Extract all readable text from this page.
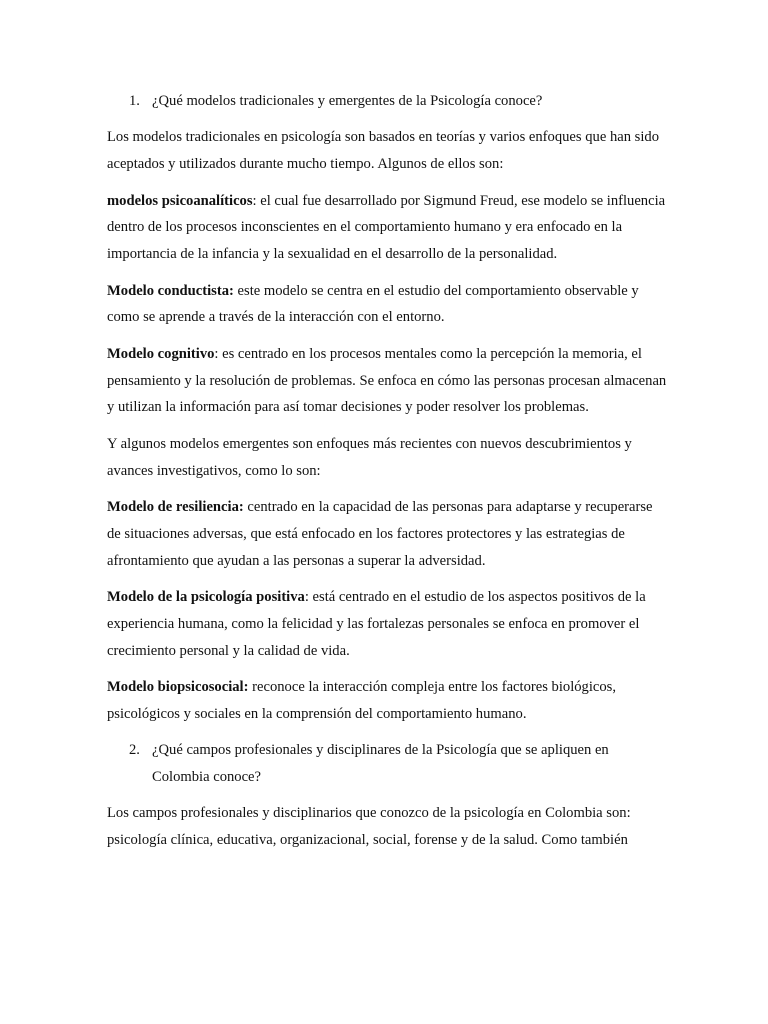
1. ¿Qué modelos tradicionales y emergentes de la Psicología conoce?

Los modelos tradicionales en psicología son basados en teorías y varios enfoques que han sido aceptados y utilizados durante mucho tiempo. Algunos de ellos son:

modelos psicoanalíticos: el cual fue desarrollado por Sigmund Freud, ese modelo se influencia dentro de los procesos inconscientes en el comportamiento humano y era enfocado en la importancia de la infancia y la sexualidad en el desarrollo de la personalidad.

Modelo conductista: este modelo se centra en el estudio del comportamiento observable y como se aprende a través de la interacción con el entorno.

Modelo cognitivo: es centrado en los procesos mentales como la percepción la memoria, el pensamiento y la resolución de problemas. Se enfoca en cómo las personas procesan almacenan y utilizan la información para así tomar decisiones y poder resolver los problemas.

Y algunos modelos emergentes son enfoques más recientes con nuevos descubrimientos y avances investigativos, como lo son:

Modelo de resiliencia: centrado en la capacidad de las personas para adaptarse y recuperarse de situaciones adversas, que está enfocado en los factores protectores y las estrategias de afrontamiento que ayudan a las personas a superar la adversidad.

Modelo de la psicología positiva: está centrado en el estudio de los aspectos positivos de la experiencia humana, como la felicidad y las fortalezas personales se enfoca en promover el crecimiento personal y la calidad de vida.

Modelo biopsicosocial: reconoce la interacción compleja entre los factores biológicos, psicológicos y sociales en la comprensión del comportamiento humano.

2. ¿Qué campos profesionales y disciplinares de la Psicología que se apliquen en Colombia conoce?

Los campos profesionales y disciplinarios que conozco de la psicología en Colombia son: psicología clínica, educativa, organizacional, social, forense y de la salud. Como también
